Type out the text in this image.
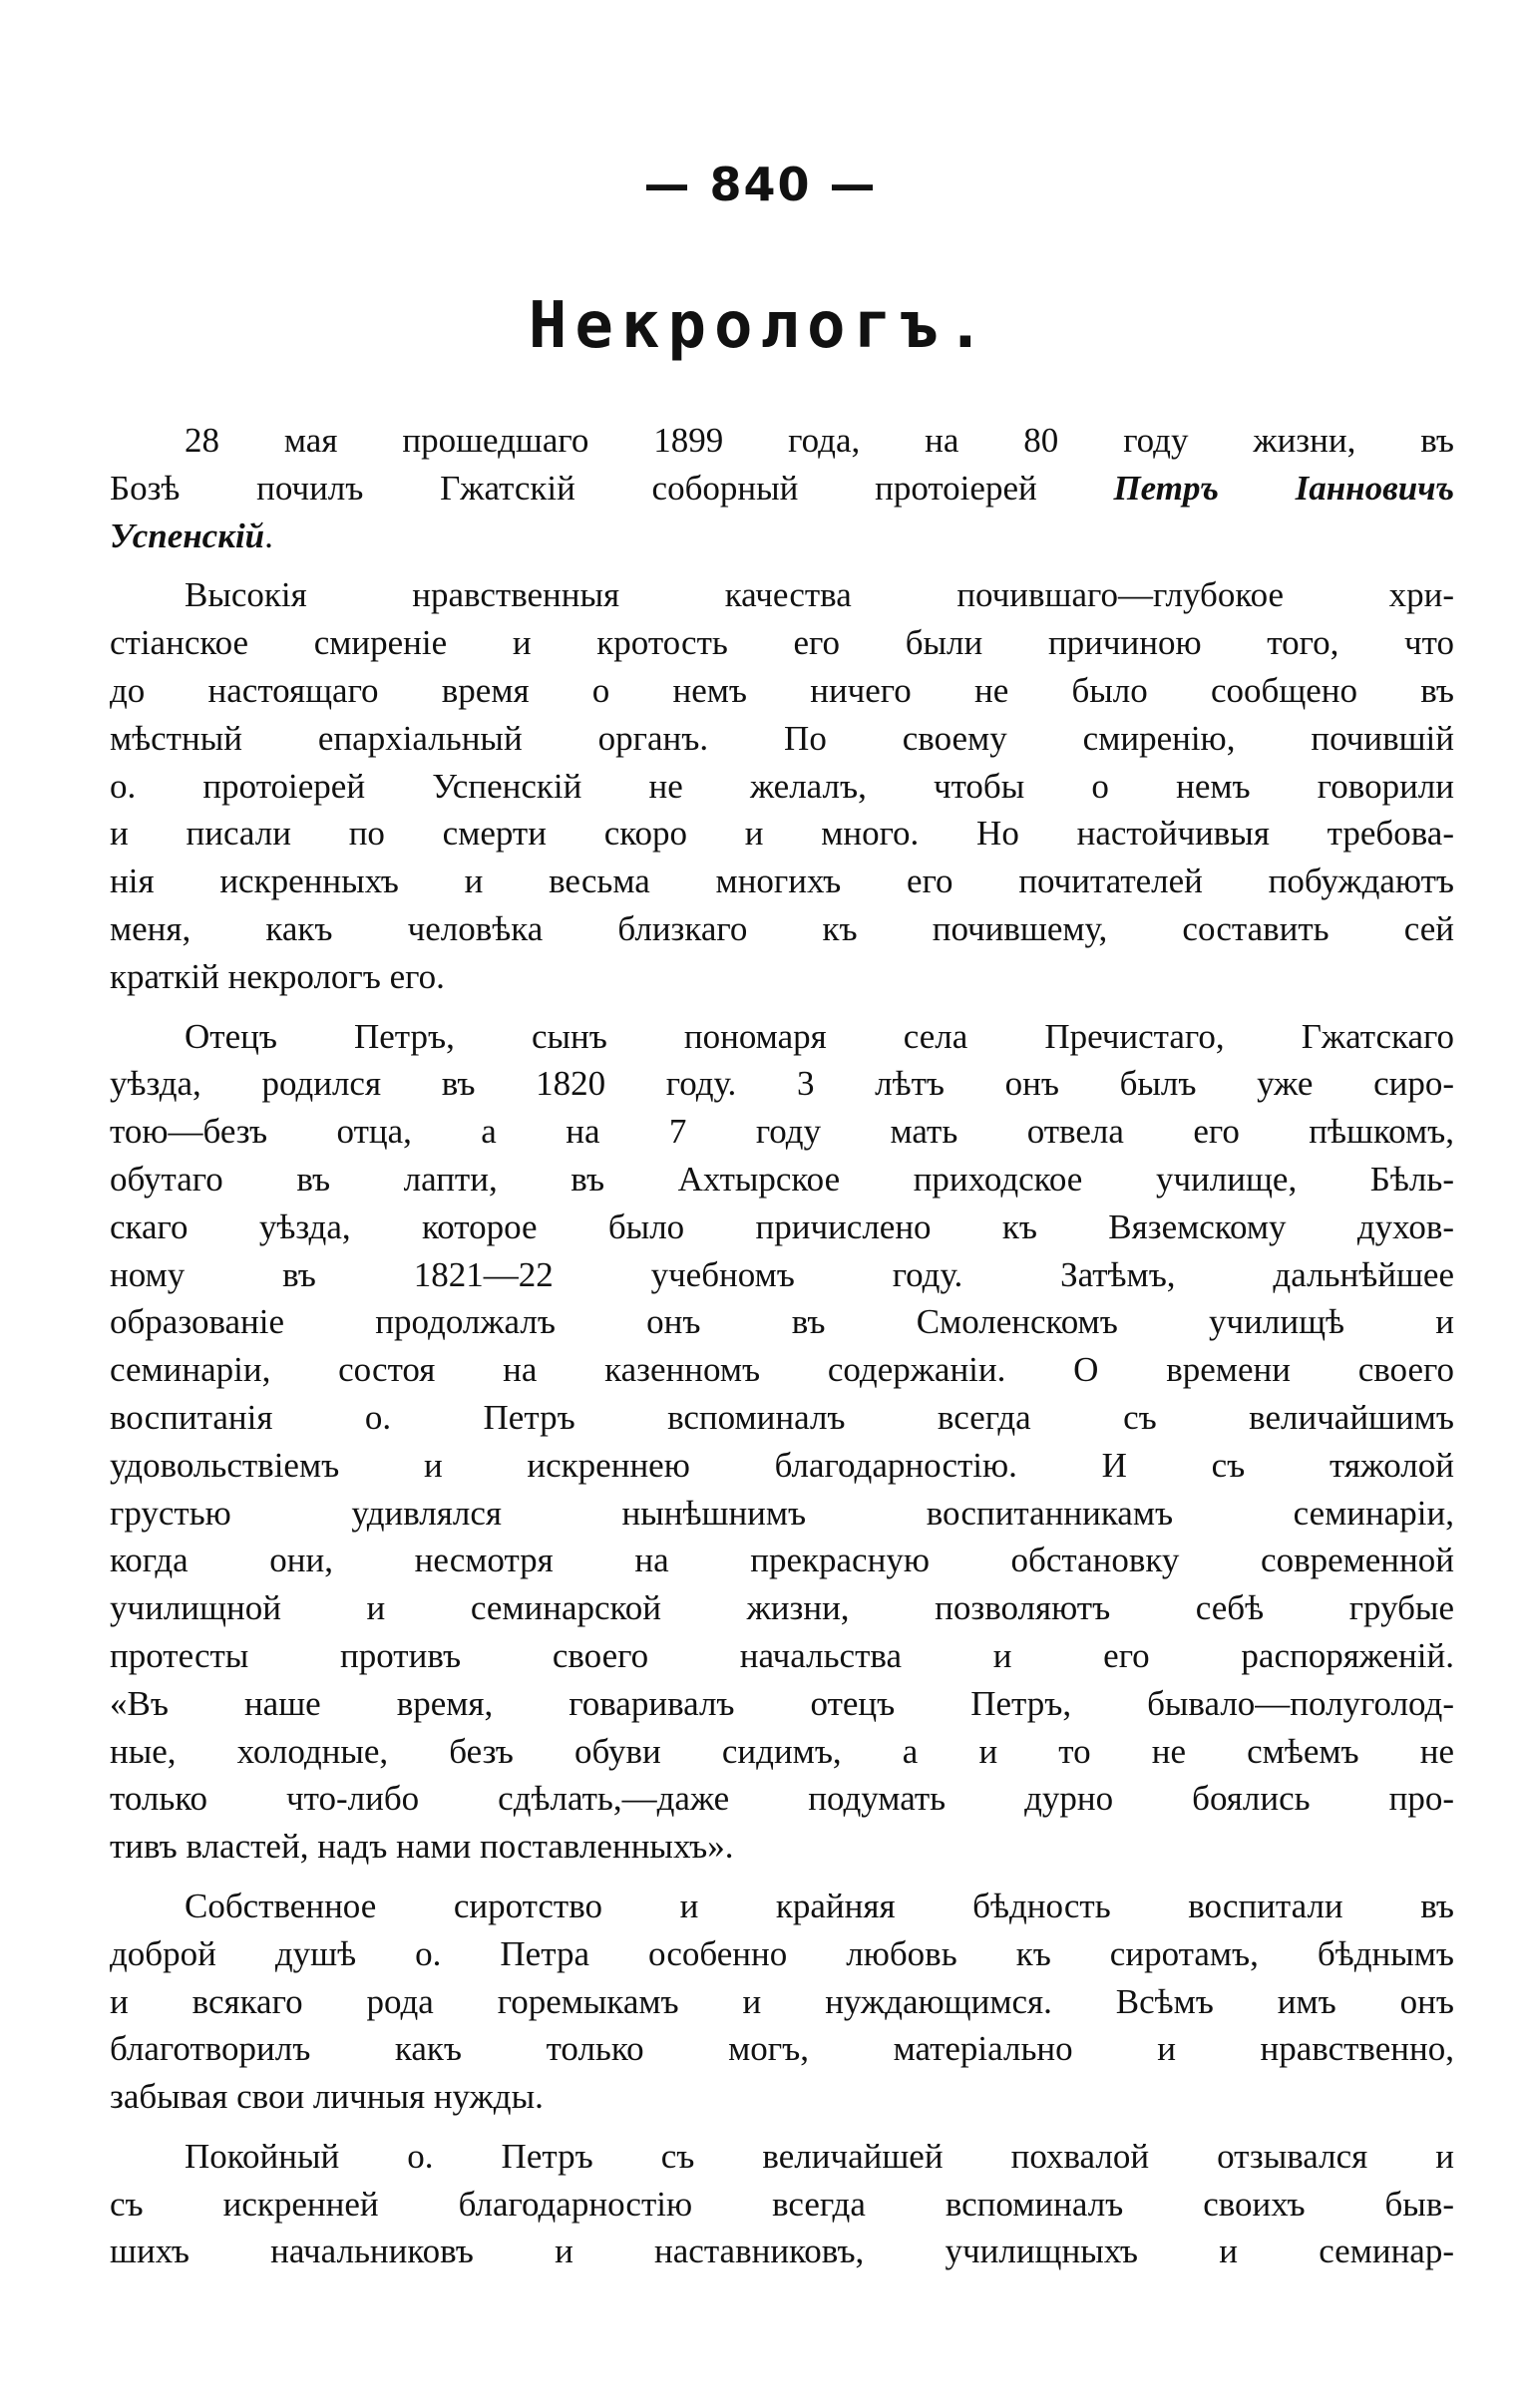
— 840 —
Некрологъ.
28 мая прошедшаго 1899 года, на 80 году жизни, въ
Бозѣ почилъ Гжатскій соборный протоіерей Петръ Іанновичъ
Успенскій.
Высокія нравственныя качества почившаго—глубокое хри-
стіанское смиреніе и кротость его были причиною того, что
до настоящаго время о немъ ничего не было сообщено въ
мѣстный епархіальный органъ. По своему смиренію, почившій
о. протоіерей Успенскій не желалъ, чтобы о немъ говорили
и писали по смерти скоро и много. Но настойчивыя требова-
нія искренныхъ и весьма многихъ его почитателей побуждаютъ
меня, какъ человѣка близкаго къ почившему, составить сей
краткій некрологъ его.
Отецъ Петръ, сынъ пономаря села Пречистаго, Гжатскаго
уѣзда, родился въ 1820 году. 3 лѣтъ онъ былъ уже сиро-
тою—безъ отца, а на 7 году мать отвела его пѣшкомъ,
обутаго въ лапти, въ Ахтырское приходское училище, Бѣль-
скаго уѣзда, которое было причислено къ Вяземскому духов-
ному въ 1821—22 учебномъ году. Затѣмъ, дальнѣйшее
образованіе продолжалъ онъ въ Смоленскомъ училищѣ и
семинаріи, состоя на казенномъ содержаніи. О времени своего
воспитанія о. Петръ вспоминалъ всегда съ величайшимъ
удовольствіемъ и искреннею благодарностію. И съ тяжолой
грустью удивлялся нынѣшнимъ воспитанникамъ семинаріи,
когда они, несмотря на прекрасную обстановку современной
училищной и семинарской жизни, позволяютъ себѣ грубые
протесты противъ своего начальства и его распоряженій.
«Въ наше время, говаривалъ отецъ Петръ, бывало—полуголод-
ные, холодные, безъ обуви сидимъ, а и то не смѣемъ не
только что-либо сдѣлать,—даже подумать дурно боялись про-
тивъ властей, надъ нами поставленныхъ».
Собственное сиротство и крайняя бѣдность воспитали въ
доброй душѣ о. Петра особенно любовь къ сиротамъ, бѣднымъ
и всякаго рода горемыкамъ и нуждающимся. Всѣмъ имъ онъ
благотворилъ какъ только могъ, матеріально и нравственно,
забывая свои личныя нужды.
Покойный о. Петръ съ величайшей похвалой отзывался и
съ искренней благодарностію всегда вспоминалъ своихъ быв-
шихъ начальниковъ и наставниковъ, училищныхъ и семинар-
